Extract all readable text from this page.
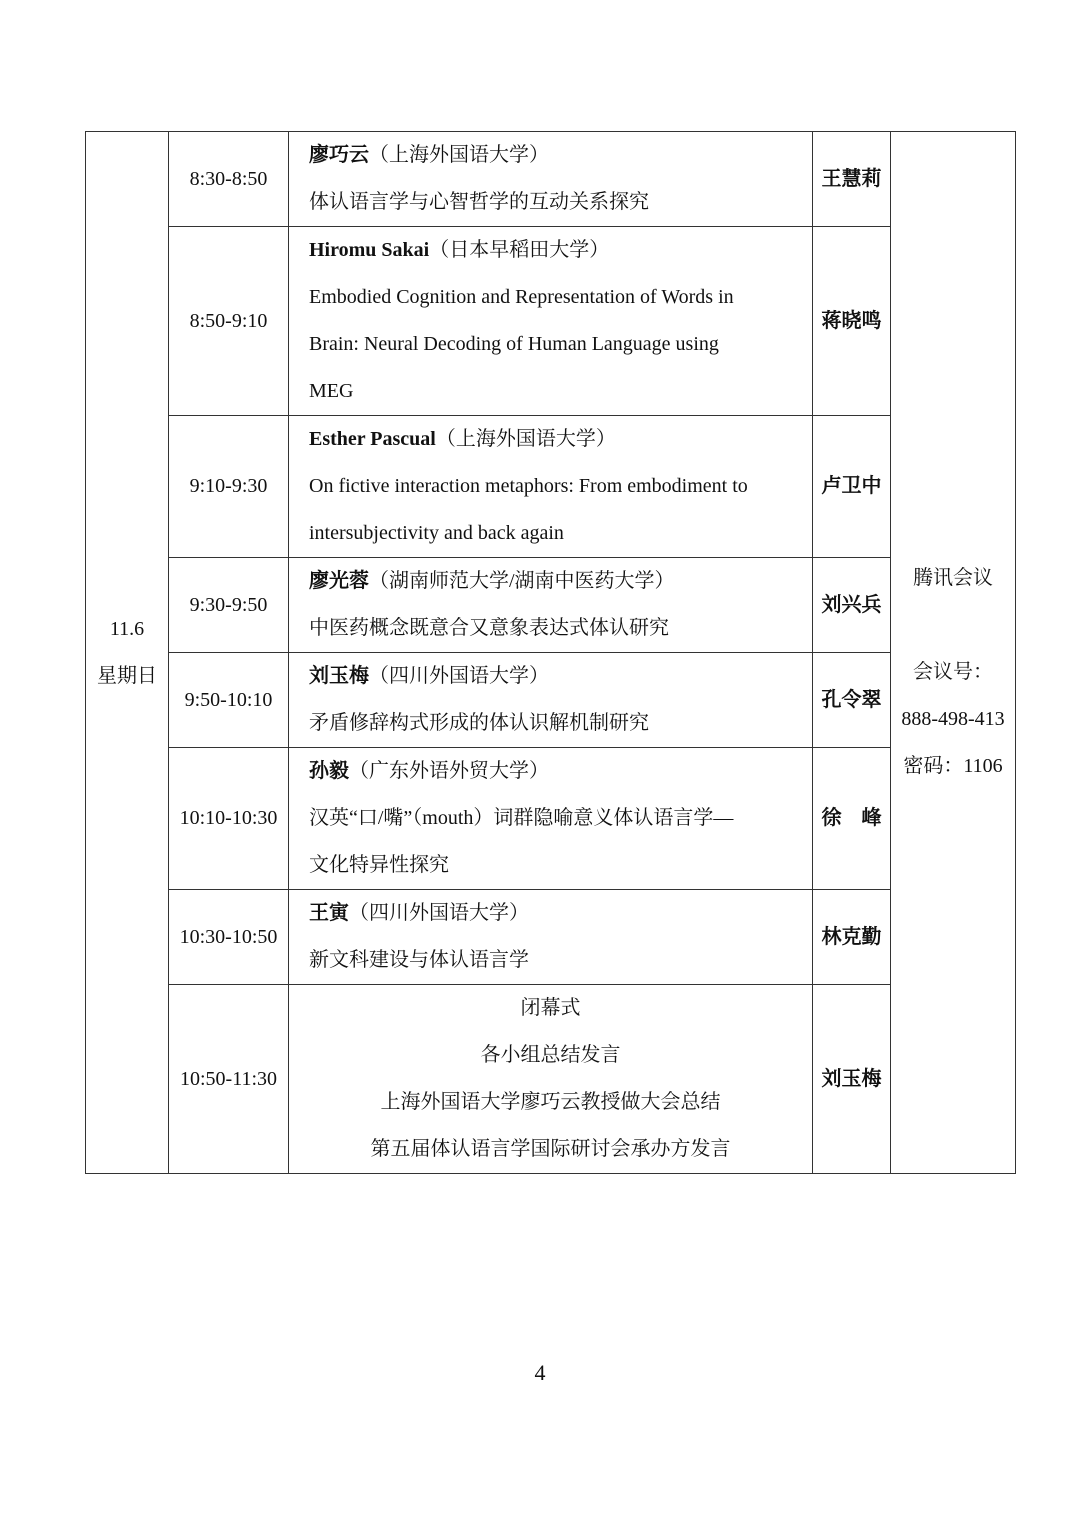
11.6
星期日	8:30-8:50	廖巧云（上海外国语大学）
体认语言学与心智哲学的互动关系探究	王慧莉	腾讯会议
会议号：
888-498-413
密码：1106

	8:50-9:10	Hiromu Sakai（日本早稻田大学）
Embodied Cognition and Representation of Words in
Brain: Neural Decoding of Human Language using
MEG	蒋晓鸣	
	9:10-9:30	Esther Pascual（上海外国语大学）
On fictive interaction metaphors: From embodiment to
intersubjectivity and back again	卢卫中	
	9:30-9:50	廖光蓉（湖南师范大学/湖南中医药大学）
中医药概念既意合又意象表达式体认研究	刘兴兵	
	9:50-10:10	刘玉梅（四川外国语大学）
矛盾修辞构式形成的体认识解机制研究	孔令翠	
	10:10-10:30	孙毅（广东外语外贸大学）
汉英“口/嘴”（mouth）词群隐喻意义体认语言学—
文化特异性探究	徐　峰	
	10:30-10:50	王寅（四川外国语大学）
新文科建设与体认语言学	林克勤	
	10:50-11:30	闭幕式
各小组总结发言
上海外国语大学廖巧云教授做大会总结
第五届体认语言学国际研讨会承办方发言	刘玉梅	
4
